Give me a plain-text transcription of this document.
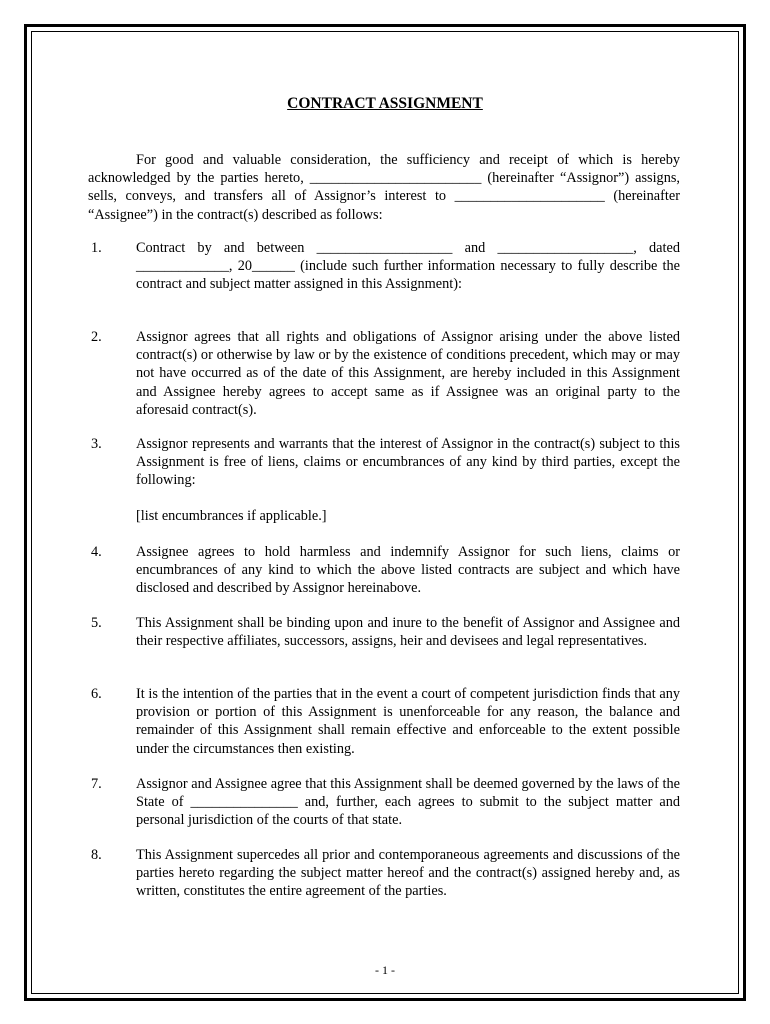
CONTRACT ASSIGNMENT
For good and valuable consideration, the sufficiency and receipt of which is hereby acknowledged by the parties hereto, ________________________ (hereinafter “Assignor”) assigns, sells, conveys, and transfers all of Assignor’s interest to _____________________ (hereinafter “Assignee”) in the contract(s) described as follows:
1. Contract by and between ___________________ and ___________________, dated _____________, 20______ (include such further information necessary to fully describe the contract and subject matter assigned in this Assignment):
2. Assignor agrees that all rights and obligations of Assignor arising under the above listed contract(s) or otherwise by law or by the existence of conditions precedent, which may or may not have occurred as of the date of this Assignment, are hereby included in this Assignment and Assignee hereby agrees to accept same as if Assignee was an original party to the aforesaid contract(s).
3. Assignor represents and warrants that the interest of Assignor in the contract(s) subject to this Assignment is free of liens, claims or encumbrances of any kind by third parties, except the following:
[list encumbrances if applicable.]
4. Assignee agrees to hold harmless and indemnify Assignor for such liens, claims or encumbrances of any kind to which the above listed contracts are subject and which have disclosed and described by Assignor hereinabove.
5. This Assignment shall be binding upon and inure to the benefit of Assignor and Assignee and their respective affiliates, successors, assigns, heir and devisees and legal representatives.
6. It is the intention of the parties that in the event a court of competent jurisdiction finds that any provision or portion of this Assignment is unenforceable for any reason, the balance and remainder of this Assignment shall remain effective and enforceable to the extent possible under the circumstances then existing.
7. Assignor and Assignee agree that this Assignment shall be deemed governed by the laws of the State of _______________ and, further, each agrees to submit to the subject matter and personal jurisdiction of the courts of that state.
8. This Assignment supercedes all prior and contemporaneous agreements and discussions of the parties hereto regarding the subject matter hereof and the contract(s) assigned hereby and, as written, constitutes the entire agreement of the parties.
- 1 -
